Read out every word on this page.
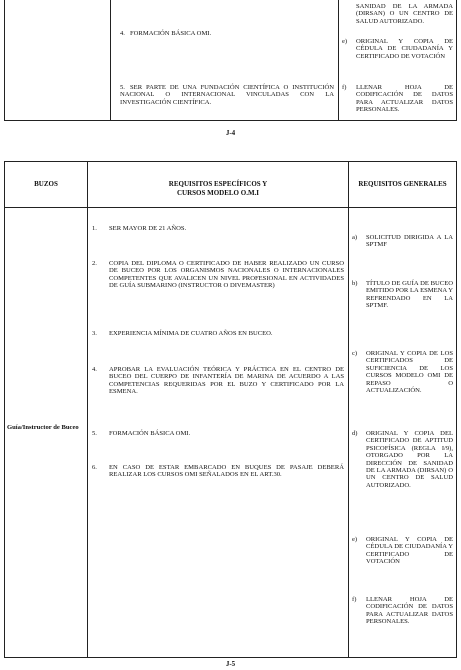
4. FORMACIÓN BÁSICA OMI.
5. SER PARTE DE UNA FUNDACIÓN CIENTÍFICA O INSTITUCIÓN NACIONAL O INTERNACIONAL VINCULADAS CON LA INVESTIGACIÓN CIENTÍFICA.
SANIDAD DE LA ARMADA (DIRSAN) O UN CENTRO DE SALUD AUTORIZADO.
e) ORIGINAL Y COPIA DE CÉDULA DE CIUDADANÍA Y CERTIFICADO DE VOTACIÓN
f) LLENAR HOJA DE CODIFICACIÓN DE DATOS PARA ACTUALIZAR DATOS PERSONALES.
J-4
BUZOS	REQUISITOS ESPECÍFICOS Y
CURSOS MODELO O.M.I
REQUISITOS GENERALES
Guía/Instructor de Buceo
1. SER MAYOR DE 21 AÑOS.
2. COPIA DEL DIPLOMA O CERTIFICADO DE HABER REALIZADO UN CURSO DE BUCEO POR LOS ORGANISMOS NACIONALES O INTERNACIONALES COMPETENTES QUE AVALICEN UN NIVEL PROFESIONAL EN ACTIVIDADES DE GUÍA SUBMARINO (INSTRUCTOR O DIVEMASTER)
3. EXPERIENCIA MÍNIMA DE CUATRO AÑOS EN BUCEO.
4. APROBAR LA EVALUACIÓN TEÓRICA Y PRÁCTICA EN EL CENTRO DE BUCEO DEL CUERPO DE INFANTERÍA DE MARINA DE ACUERDO A LAS COMPETENCIAS REQUERIDAS POR EL BUZO Y CERTIFICADO POR LA ESMENA.
5. FORMACIÓN BÁSICA OMI.
6. EN CASO DE ESTAR EMBARCADO EN BUQUES DE PASAJE DEBERÁ REALIZAR LOS CURSOS OMI SEÑALADOS EN EL ART.30.
a) SOLICITUD DIRIGIDA A LA SPTMF
b) TÍTULO DE GUÍA DE BUCEO EMITIDO POR LA ESMENA Y REFRENDADO EN LA SPTMF.
c) ORIGINAL Y COPIA DE LOS CERTIFICADOS DE SUFICIENCIA DE LOS CURSOS MODELO OMI DE REPASO O ACTUALIZACIÓN.
d) ORIGINAL Y COPIA DEL CERTIFICADO DE APTITUD PSICOFÍSICA (REGLA I/9), OTORGADO POR LA DIRECCIÓN DE SANIDAD DE LA ARMADA (DIRSAN) O UN CENTRO DE SALUD AUTORIZADO.
e) ORIGINAL Y COPIA DE CÉDULA DE CIUDADANÍA Y CERTIFICADO DE VOTACIÓN
f) LLENAR HOJA DE CODIFICACIÓN DE DATOS PARA ACTUALIZAR DATOS PERSONALES.
J-5
